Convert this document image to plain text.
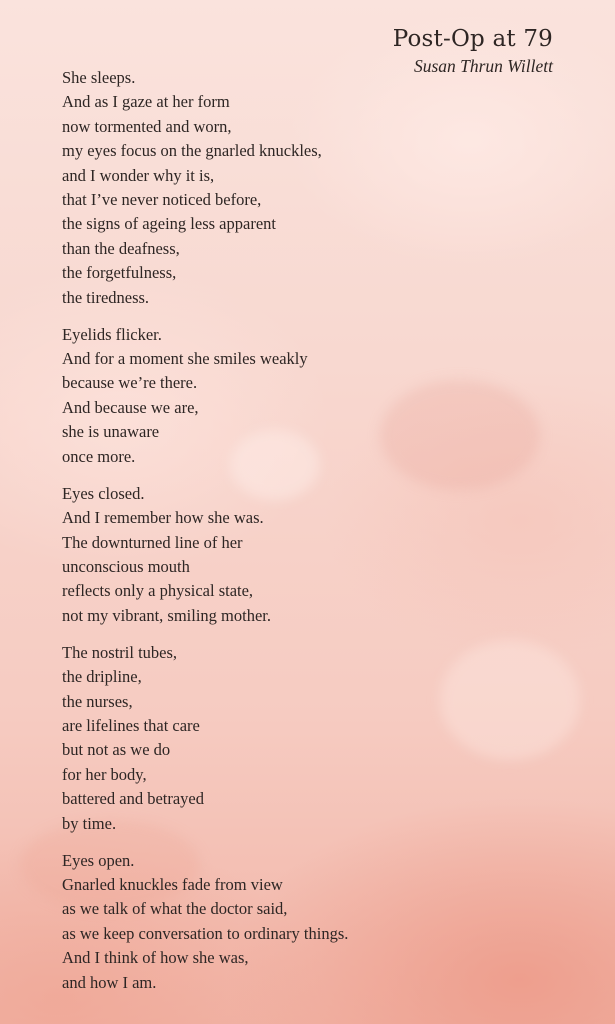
Post-Op at 79
Susan Thrun Willett
She sleeps.
And as I gaze at her form
now tormented and worn,
my eyes focus on the gnarled knuckles,
and I wonder why it is,
that I’ve never noticed before,
the signs of ageing less apparent
than the deafness,
the forgetfulness,
the tiredness.
Eyelids flicker.
And for a moment she smiles weakly
because we’re there.
And because we are,
she is unaware
once more.
Eyes closed.
And I remember how she was.
The downturned line of her
unconscious mouth
reflects only a physical state,
not my vibrant, smiling mother.
The nostril tubes,
the dripline,
the nurses,
are lifelines that care
but not as we do
for her body,
battered and betrayed
by time.
Eyes open.
Gnarled knuckles fade from view
as we talk of what the doctor said,
as we keep conversation to ordinary things.
And I think of how she was,
and how I am.
